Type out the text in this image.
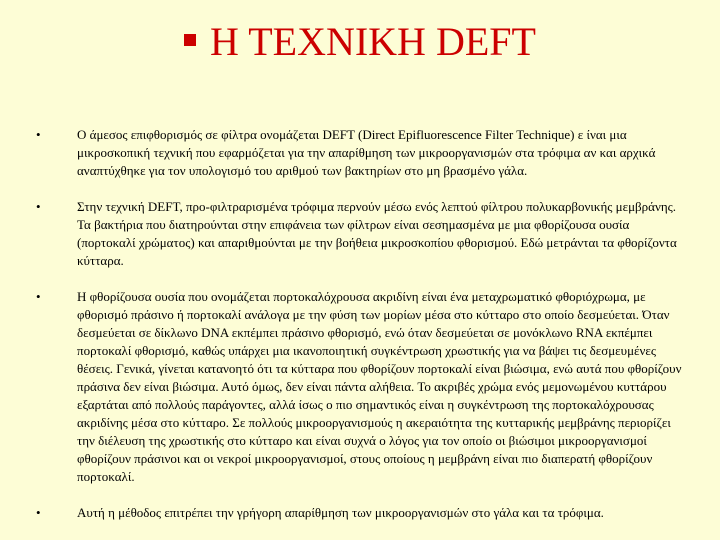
Η ΤΕΧΝΙΚΗ DEFT
•	Ο άμεσος επιφθορισμός σε φίλτρα ονομάζεται DEFT (Direct Epifluorescence Filter Technique) ε ίναι μια μικροσκοπική τεχνική που εφαρμόζεται για την απαρίθμηση των μικροοργανισμών στα τρόφιμα αν και αρχικά αναπτύχθηκε για τον υπολογισμό του αριθμού των βακτηρίων στο μη βρασμένο γάλα.
•	Στην τεχνική DEFT, προ-φιλτραρισμένα τρόφιμα περνούν μέσω ενός λεπτού φίλτρου πολυκαρβονικής μεμβράνης. Τα βακτήρια που διατηρούνται στην επιφάνεια των φίλτρων είναι σεσημασμένα με μια φθορίζουσα ουσία (πορτοκαλί χρώματος) και απαριθμούνται με την βοήθεια μικροσκοπίου φθορισμού. Εδώ μετράνται τα φθορίζοντα κύτταρα.
•	Η φθορίζουσα ουσία που ονομάζεται πορτοκαλόχρουσα ακριδίνη είναι ένα μεταχρωματικό φθοριόχρωμα, με φθορισμό πράσινο ή πορτοκαλί ανάλογα με την φύση των μορίων μέσα στο κύτταρο στο οποίο δεσμεύεται. Όταν δεσμεύεται σε δίκλωνο DNA εκπέμπει πράσινο φθορισμό, ενώ όταν δεσμεύεται σε μονόκλωνο RNA εκπέμπει πορτοκαλί φθορισμό, καθώς υπάρχει μια ικανοποιητική συγκέντρωση χρωστικής για να βάψει τις δεσμευμένες θέσεις. Γενικά, γίνεται κατανοητό ότι τα κύτταρα που φθορίζουν πορτοκαλί είναι βιώσιμα, ενώ αυτά που φθορίζουν πράσινα δεν είναι βιώσιμα. Αυτό όμως, δεν είναι πάντα αλήθεια. Το ακριβές χρώμα ενός μεμονωμένου κυττάρου εξαρτάται από πολλούς παράγοντες, αλλά ίσως ο πιο σημαντικός είναι η συγκέντρωση της πορτοκαλόχρουσας ακριδίνης μέσα στο κύτταρο. Σε πολλούς μικροοργανισμούς η ακεραιότητα της κυτταρικής μεμβράνης περιορίζει την διέλευση της χρωστικής στο κύτταρο και είναι συχνά ο λόγος για τον οποίο οι βιώσιμοι μικροοργανισμοί φθορίζουν πράσινοι και οι νεκροί μικροοργανισμοί, στους οποίους η μεμβράνη είναι πιο διαπερατή φθορίζουν πορτοκαλί.
•	Αυτή η μέθοδος επιτρέπει την γρήγορη απαρίθμηση των μικροοργανισμών στο γάλα και τα τρόφιμα.
